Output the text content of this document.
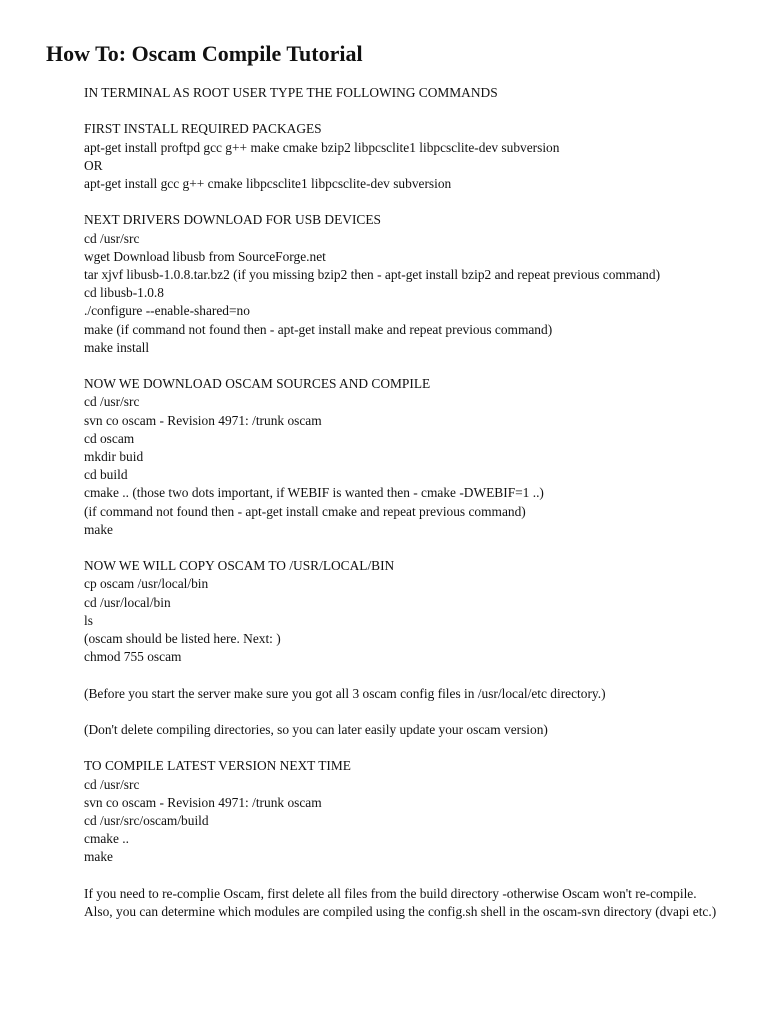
How To: Oscam Compile Tutorial

IN TERMINAL AS ROOT USER TYPE THE FOLLOWING COMMANDS

FIRST INSTALL REQUIRED PACKAGES

apt-get install proftpd gcc g++ make cmake bzip2 libpcsclite1 libpcsclite-dev subversion

OR

apt-get install gcc g++ cmake libpcsclite1 libpcsclite-dev subversion

NEXT DRIVERS DOWNLOAD FOR USB DEVICES

cd /usr/src

wget Download libusb from SourceForge.net

tar xjvf libusb-1.0.8.tar.bz2 (if you missing bzip2 then - apt-get install bzip2 and repeat previous command)

cd libusb-1.0.8

./configure --enable-shared=no

make (if command not found then - apt-get install make and repeat previous command)

make install

NOW WE DOWNLOAD OSCAM SOURCES AND COMPILE

cd /usr/src

svn co oscam - Revision 4971: /trunk oscam

cd oscam

mkdir buid

cd build

cmake .. (those two dots important, if WEBIF is wanted then - cmake -DWEBIF=1 ..)

(if command not found then - apt-get install cmake and repeat previous command)

make

NOW WE WILL COPY OSCAM TO /USR/LOCAL/BIN

cp oscam /usr/local/bin

cd /usr/local/bin

ls

(oscam should be listed here. Next: )

chmod 755 oscam

(Before you start the server make sure you got all 3 oscam config files in /usr/local/etc directory.)

(Don't delete compiling directories, so you can later easily update your oscam version)

TO COMPILE LATEST VERSION NEXT TIME

cd /usr/src

svn co oscam - Revision 4971: /trunk oscam

cd /usr/src/oscam/build

cmake ..

make

If you need to re-complie Oscam, first delete all files from the build directory -otherwise Oscam won't re-compile.

Also, you can determine which modules are compiled using the config.sh shell in the oscam-svn directory (dvapi etc.)
